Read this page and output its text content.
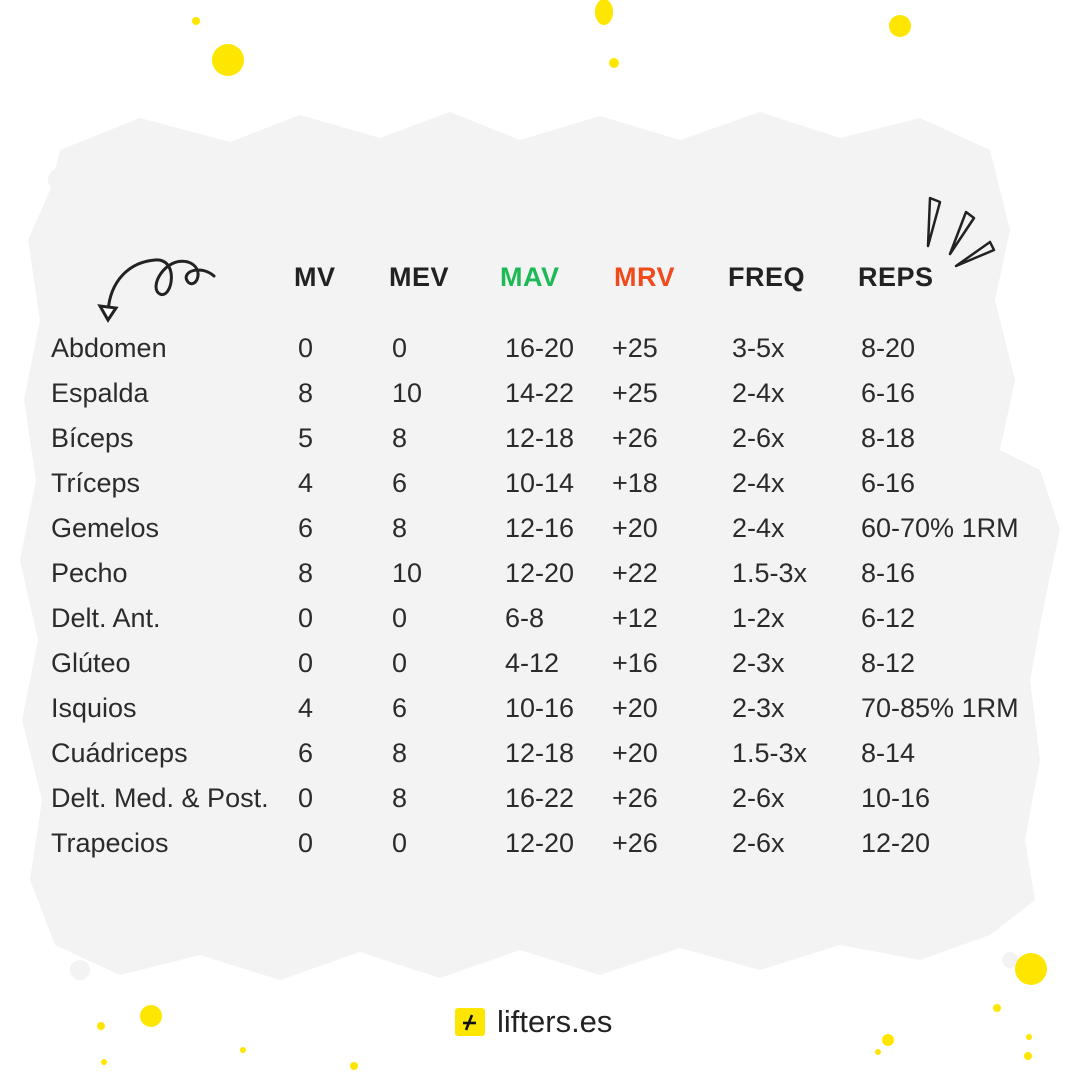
MV MEV MAV MRV FREQ REPS
Abdomen	0	0	16-20 +25	3-5x	8-20
Espalda	8	10	14-22 +25	2-4x	6-16
Bíceps	5	8	12-18 +26	2-6x	8-18
Tríceps	4	6	10-14 +18	2-4x	6-16
Gemelos	6	8	12-16 +20	2-4x	60-70% 1RM
Pecho	8	10	12-20 +22	1.5-3x 8-16
Delt. Ant.	0	0	6-8	+12	1-2x	6-12
Glúteo	0	0	4-12 +16	2-3x	8-12
Isquios	4	6	10-16 +20	2-3x	70-85% 1RM
Cuádriceps	6	8	12-18 +20	1.5-3x 8-14
Delt. Med. & Post. 0	8	16-22 +26	2-6x	10-16
Trapecios	0	0	12-20 +26	2-6x	12-20
lifters.es
